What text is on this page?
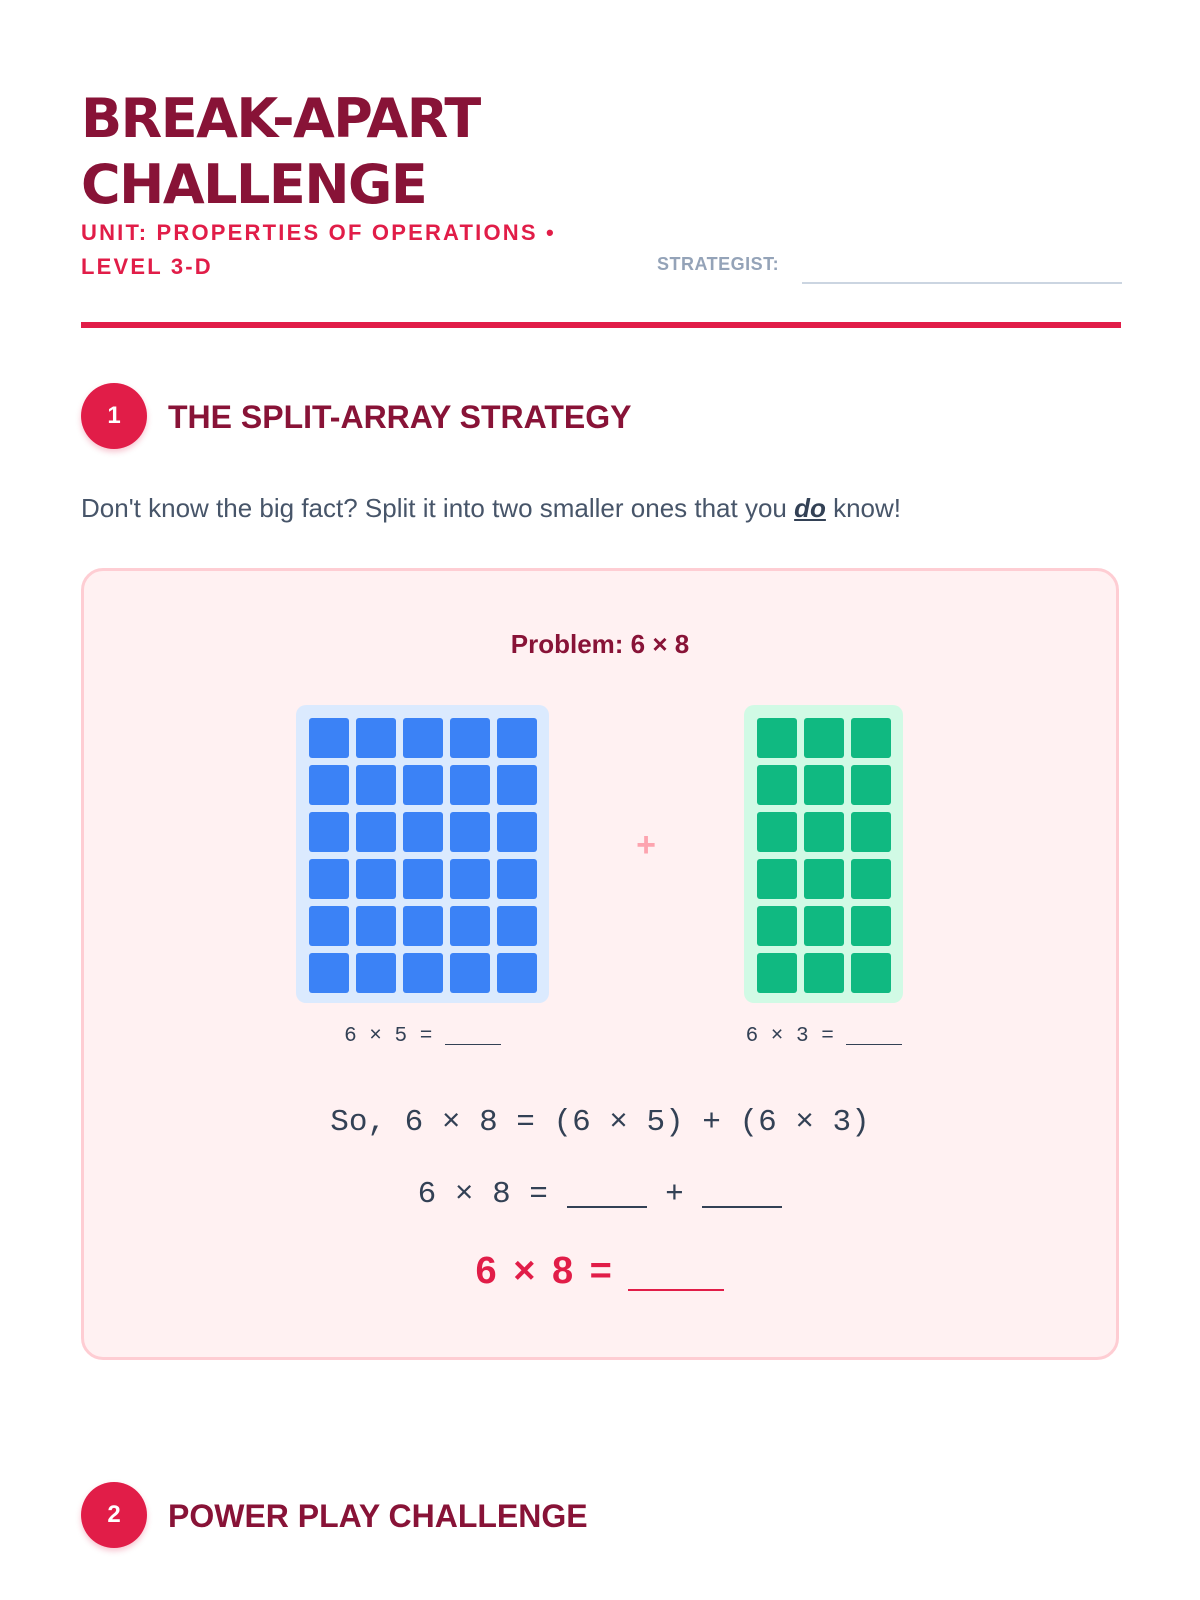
BREAK-APART
CHALLENGE
UNIT: PROPERTIES OF OPERATIONS • LEVEL 3-D	STRATEGIST:
1	THE SPLIT-ARRAY STRATEGY

Don't know the big fact? Split it into two smaller ones that you do know!

Problem: 6 × 8
+
6 × 5 =	6 × 3 =
So, 6 × 8 = (6 × 5) + (6 × 3)
6 × 8 =	+
6 × 8 =
2	POWER PLAY CHALLENGE
